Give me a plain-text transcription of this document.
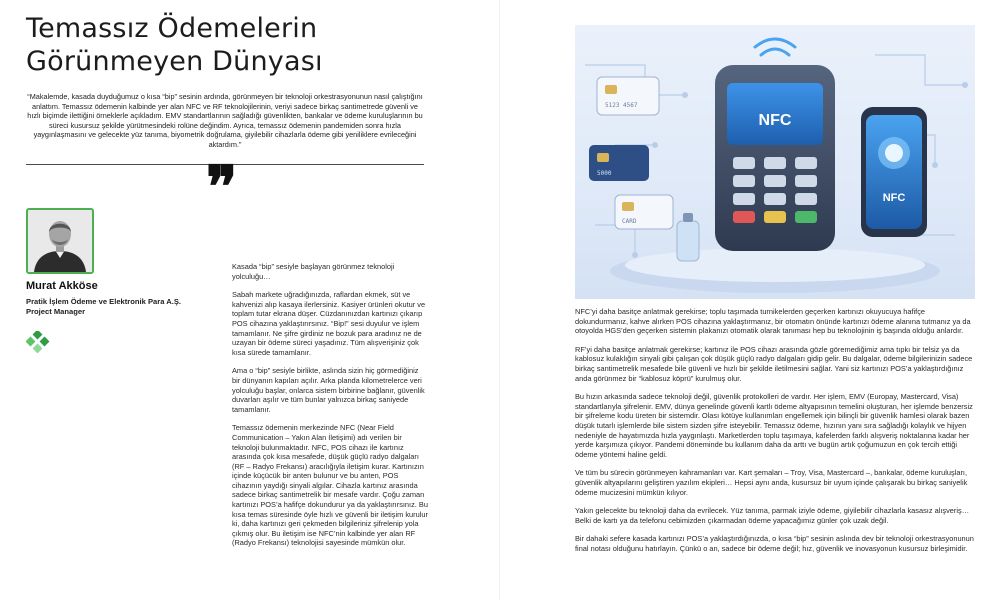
Temassız Ödemelerin
Görünmeyen Dünyası

“Makalemde, kasada duyduğumuz o kısa “bip” sesinin ardında, görünmeyen bir teknoloji orkestrasyonunun nasıl çalıştığını anlattım. Temassız ödemenin kalbinde yer alan NFC ve RF teknolojilerinin, veriyi sadece birkaç santimetrede güvenli ve hızlı biçimde ilettiğini örneklerle açıkladım. EMV standartlarının sağladığı güvenlikten, bankalar ve ödeme kuruluşlarının bu süreci kusursuz şekilde yürütmesindeki rolüne değindim. Ayrıca, temassız ödemenin pandemiden sonra hızla yaygınlaşmasını ve gelecekte yüz tanıma, biyometrik doğrulama, giyilebilir cihazlarla ödeme gibi yeniliklere evrileceğini aktardım.”

❞

Murat Akköse

Pratik İşlem Ödeme ve Elektronik Para A.Ş. Project Manager

Kasada “bip” sesiyle başlayan görünmez teknoloji yolculuğu…

Sabah markete uğradığınızda, raflardan ekmek, süt ve kahvenizi alıp kasaya ilerlersiniz. Kasiyer ürünleri okutur ve toplam tutar ekrana düşer. Cüzdanınızdan kartınızı çıkarıp POS cihazına yaklaştırırsınız. “Bip!” sesi duyulur ve işlem tamamlanır. Ne şifre girdiniz ne bozuk para aradınız ne de uzayan bir ödeme süreci yaşadınız. Tüm alışverişiniz çok kısa sürede tamamlanır.

Ama o “bip” sesiyle birlikte, aslında sizin hiç görmediğiniz bir dünyanın kapıları açılır. Arka planda kilometrelerce veri yolculuğu başlar, onlarca sistem birbirine bağlanır, güvenlik duvarları aşılır ve tüm bunlar yalnızca birkaç saniyede tamamlanır.

Temassız ödemenin merkezinde NFC (Near Field Communication – Yakın Alan İletişimi) adı verilen bir teknoloji bulunmaktadır. NFC, POS cihazı ile kartınız arasında çok kısa mesafede, düşük güçlü radyo dalgaları (RF – Radyo Frekansı) aracılığıyla iletişim kurar. Kartınızın içinde küçücük bir anten bulunur ve bu anten, POS cihazının yaydığı sinyali algılar. Cihazla kartınız arasında sadece birkaç santimetrelik bir mesafe vardır. Çoğu zaman kartınızı POS’a hafifçe dokundurur ya da yaklaştırırsınız. Bu kısa temas süresinde öyle hızlı ve güvenli bir iletişim kurulur ki, daha kartınızı geri çekmeden bilgileriniz şifrelenip yola çıkmış olur. Bu iletişim ise NFC’nin kalbinde yer alan RF (Radyo Frekansı) teknolojisi sayesinde mümkün olur.

5123 4567
5000
CARD
NFC
NFC

NFC’yi daha basitçe anlatmak gerekirse; toplu taşımada turnikelerden geçerken kartınızı okuyucuya hafifçe dokundurmanız, kahve alırken POS cihazına yaklaştırmanız, bir otomatın önünde kartınızı ödeme alanına tutmanız ya da otoyolda HGS’den geçerken sistemin plakanızı otomatik olarak tanıması hep bu teknolojinin iş başında olduğu anlardır.

RF’yi daha basitçe anlatmak gerekirse; kartınız ile POS cihazı arasında gözle göremediğimiz ama tıpkı bir telsiz ya da kablosuz kulaklığın sinyali gibi çalışan çok düşük güçlü radyo dalgaları gidip gelir. Bu dalgalar, ödeme bilgilerinizin sadece birkaç santimetrelik mesafede bile güvenli ve hızlı bir şekilde iletilmesini sağlar. Yani siz kartınızı POS’a yaklaştırdığınız anda görünmez bir “kablosuz köprü” kurulmuş olur.

Bu hızın arkasında sadece teknoloji değil, güvenlik protokolleri de vardır. Her işlem, EMV (Europay, Mastercard, Visa) standartlarıyla şifrelenir. EMV, dünya genelinde güvenli kartlı ödeme altyapısının temelini oluşturan, her işlemde benzersiz bir şifreleme kodu üreten bir sistemdir. Olası kötüye kullanımları engellemek için bilinçli bir güvenlik hamlesi olarak bazen düşük tutarlı işlemlerde bile sistem sizden şifre isteyebilir. Temassız ödeme, hızının yanı sıra sağladığı kolaylık ve hijyen nedeniyle de hayatımızda hızla yaygınlaştı. Marketlerden toplu taşımaya, kafelerden farklı alışveriş noktalarına kadar her yerde karşımıza çıkıyor. Pandemi döneminde bu kullanım daha da arttı ve bugün artık çoğumuzun en çok tercih ettiği ödeme yöntemi haline geldi.

Ve tüm bu sürecin görünmeyen kahramanları var. Kart şemaları – Troy, Visa, Mastercard –, bankalar, ödeme kuruluşları, güvenlik altyapılarını geliştiren yazılım ekipleri… Hepsi aynı anda, kusursuz bir uyum içinde çalışarak bu birkaç saniyelik ödeme mucizesini mümkün kılıyor.

Yakın gelecekte bu teknoloji daha da evrilecek. Yüz tanıma, parmak iziyle ödeme, giyilebilir cihazlarla kasasız alışveriş… Belki de kartı ya da telefonu cebimizden çıkarmadan ödeme yapacağımız günler çok uzak değil.

Bir dahaki sefere kasada kartınızı POS’a yaklaştırdığınızda, o kısa “bip” sesinin aslında dev bir teknoloji orkestrasyonunun final notası olduğunu hatırlayın. Çünkü o an, sadece bir ödeme değil; hız, güvenlik ve inovasyonun kusursuz birleşimidir.
